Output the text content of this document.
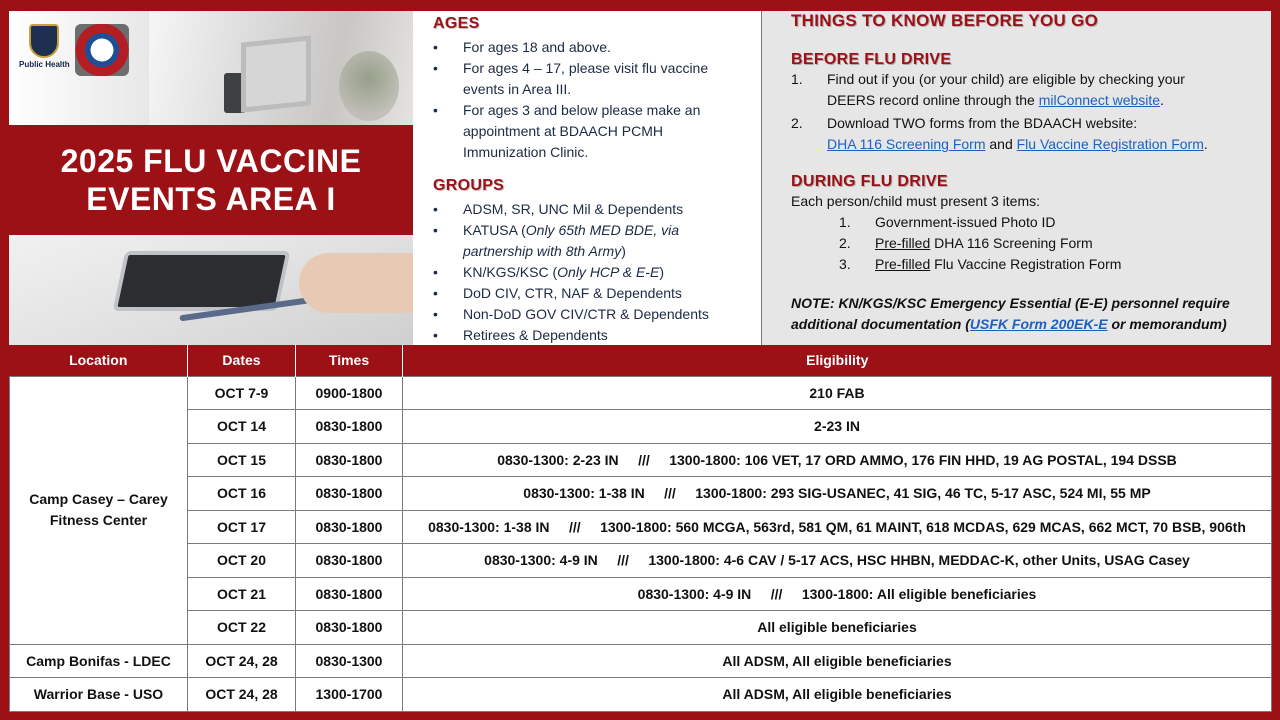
Public Health
2025 FLU VACCINE
EVENTS AREA I
AGES
• For ages 18 and above.
• For ages 4 – 17, please visit flu vaccine events in Area III.
• For ages 3 and below please make an appointment at BDAACH PCMH Immunization Clinic.
GROUPS
• ADSM, SR, UNC Mil & Dependents
• KATUSA (Only 65th MED BDE, via partnership with 8th Army)
• KN/KGS/KSC (Only HCP & E-E)
• DoD CIV, CTR, NAF & Dependents
• Non-DoD GOV CIV/CTR & Dependents
• Retirees & Dependents
THINGS TO KNOW BEFORE YOU GO
BEFORE FLU DRIVE
1. Find out if you (or your child) are eligible by checking your DEERS record online through the milConnect website.
2. Download TWO forms from the BDAACH website:
DHA 116 Screening Form and Flu Vaccine Registration Form.
DURING FLU DRIVE
Each person/child must present 3 items:
1. Government-issued Photo ID
2. Pre-filled DHA 116 Screening Form
3. Pre-filled Flu Vaccine Registration Form
NOTE: KN/KGS/KSC Emergency Essential (E-E) personnel require additional documentation (USFK Form 200EK-E or memorandum)
Location	Dates	Times	Eligibility
Camp Casey – Carey Fitness Center	OCT 7-9	0900-1800	210 FAB
	OCT 14	0830-1800	2-23 IN
	OCT 15	0830-1800	0830-1300: 2-23 IN     ///     1300-1800: 106 VET, 17 ORD AMMO, 176 FIN HHD, 19 AG POSTAL, 194 DSSB
	OCT 16	0830-1800	0830-1300: 1-38 IN     ///     1300-1800: 293 SIG-USANEC, 41 SIG, 46 TC, 5-17 ASC, 524 MI, 55 MP
	OCT 17	0830-1800	0830-1300: 1-38 IN     ///     1300-1800: 560 MCGA, 563rd, 581 QM, 61 MAINT, 618 MCDAS, 629 MCAS, 662 MCT, 70 BSB, 906th
	OCT 20	0830-1800	0830-1300: 4-9 IN     ///     1300-1800: 4-6 CAV / 5-17 ACS, HSC HHBN, MEDDAC-K, other Units, USAG Casey
	OCT 21	0830-1800	0830-1300: 4-9 IN     ///     1300-1800: All eligible beneficiaries
	OCT 22	0830-1800	All eligible beneficiaries
Camp Bonifas - LDEC	OCT 24, 28	0830-1300	All ADSM, All eligible beneficiaries
Warrior Base - USO	OCT 24, 28	1300-1700	All ADSM, All eligible beneficiaries
